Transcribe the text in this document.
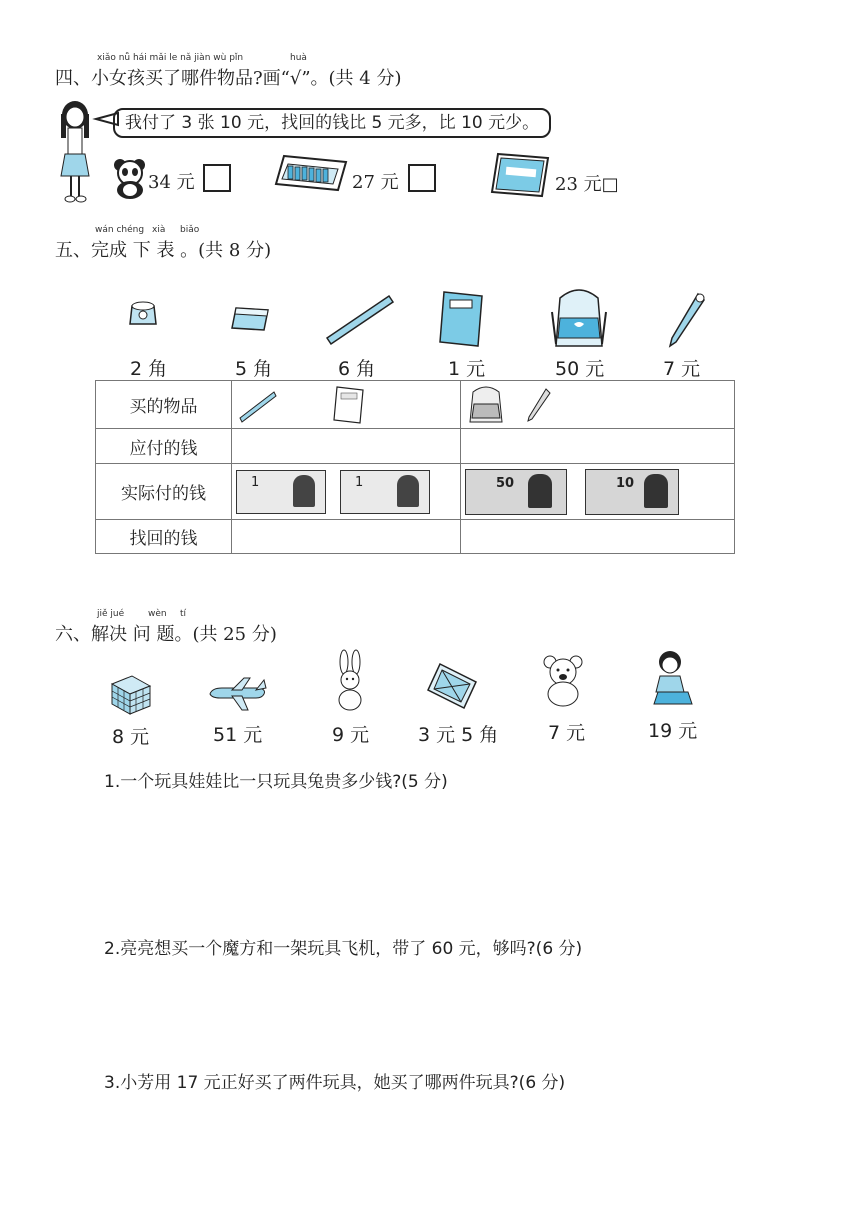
xiǎo nǚ hái mǎi le nǎ jiàn wù pǐn	huà
四、小女孩买了哪件物品?画“√”。(共 4 分)
我付了 3 张 10 元，找回的钱比 5 元多，比 10 元少。
34 元	27 元	23 元□
wán chéng xià biǎo
五、完成 下 表 。(共 8 分)
2 角	5 角	6 角	1 元	50 元	7 元
买的物品		
应付的钱		
实际付的钱	1 1	50 10

找回的钱		
jiě jué	wèn tí
六、解决 问 题。(共 25 分)
8 元	51 元	9 元	3 元 5 角	7 元	19 元
1.一个玩具娃娃比一只玩具兔贵多少钱?(5 分)
2.亮亮想买一个魔方和一架玩具飞机，带了 60 元，够吗?(6 分)
3.小芳用 17 元正好买了两件玩具，她买了哪两件玩具?(6 分)
